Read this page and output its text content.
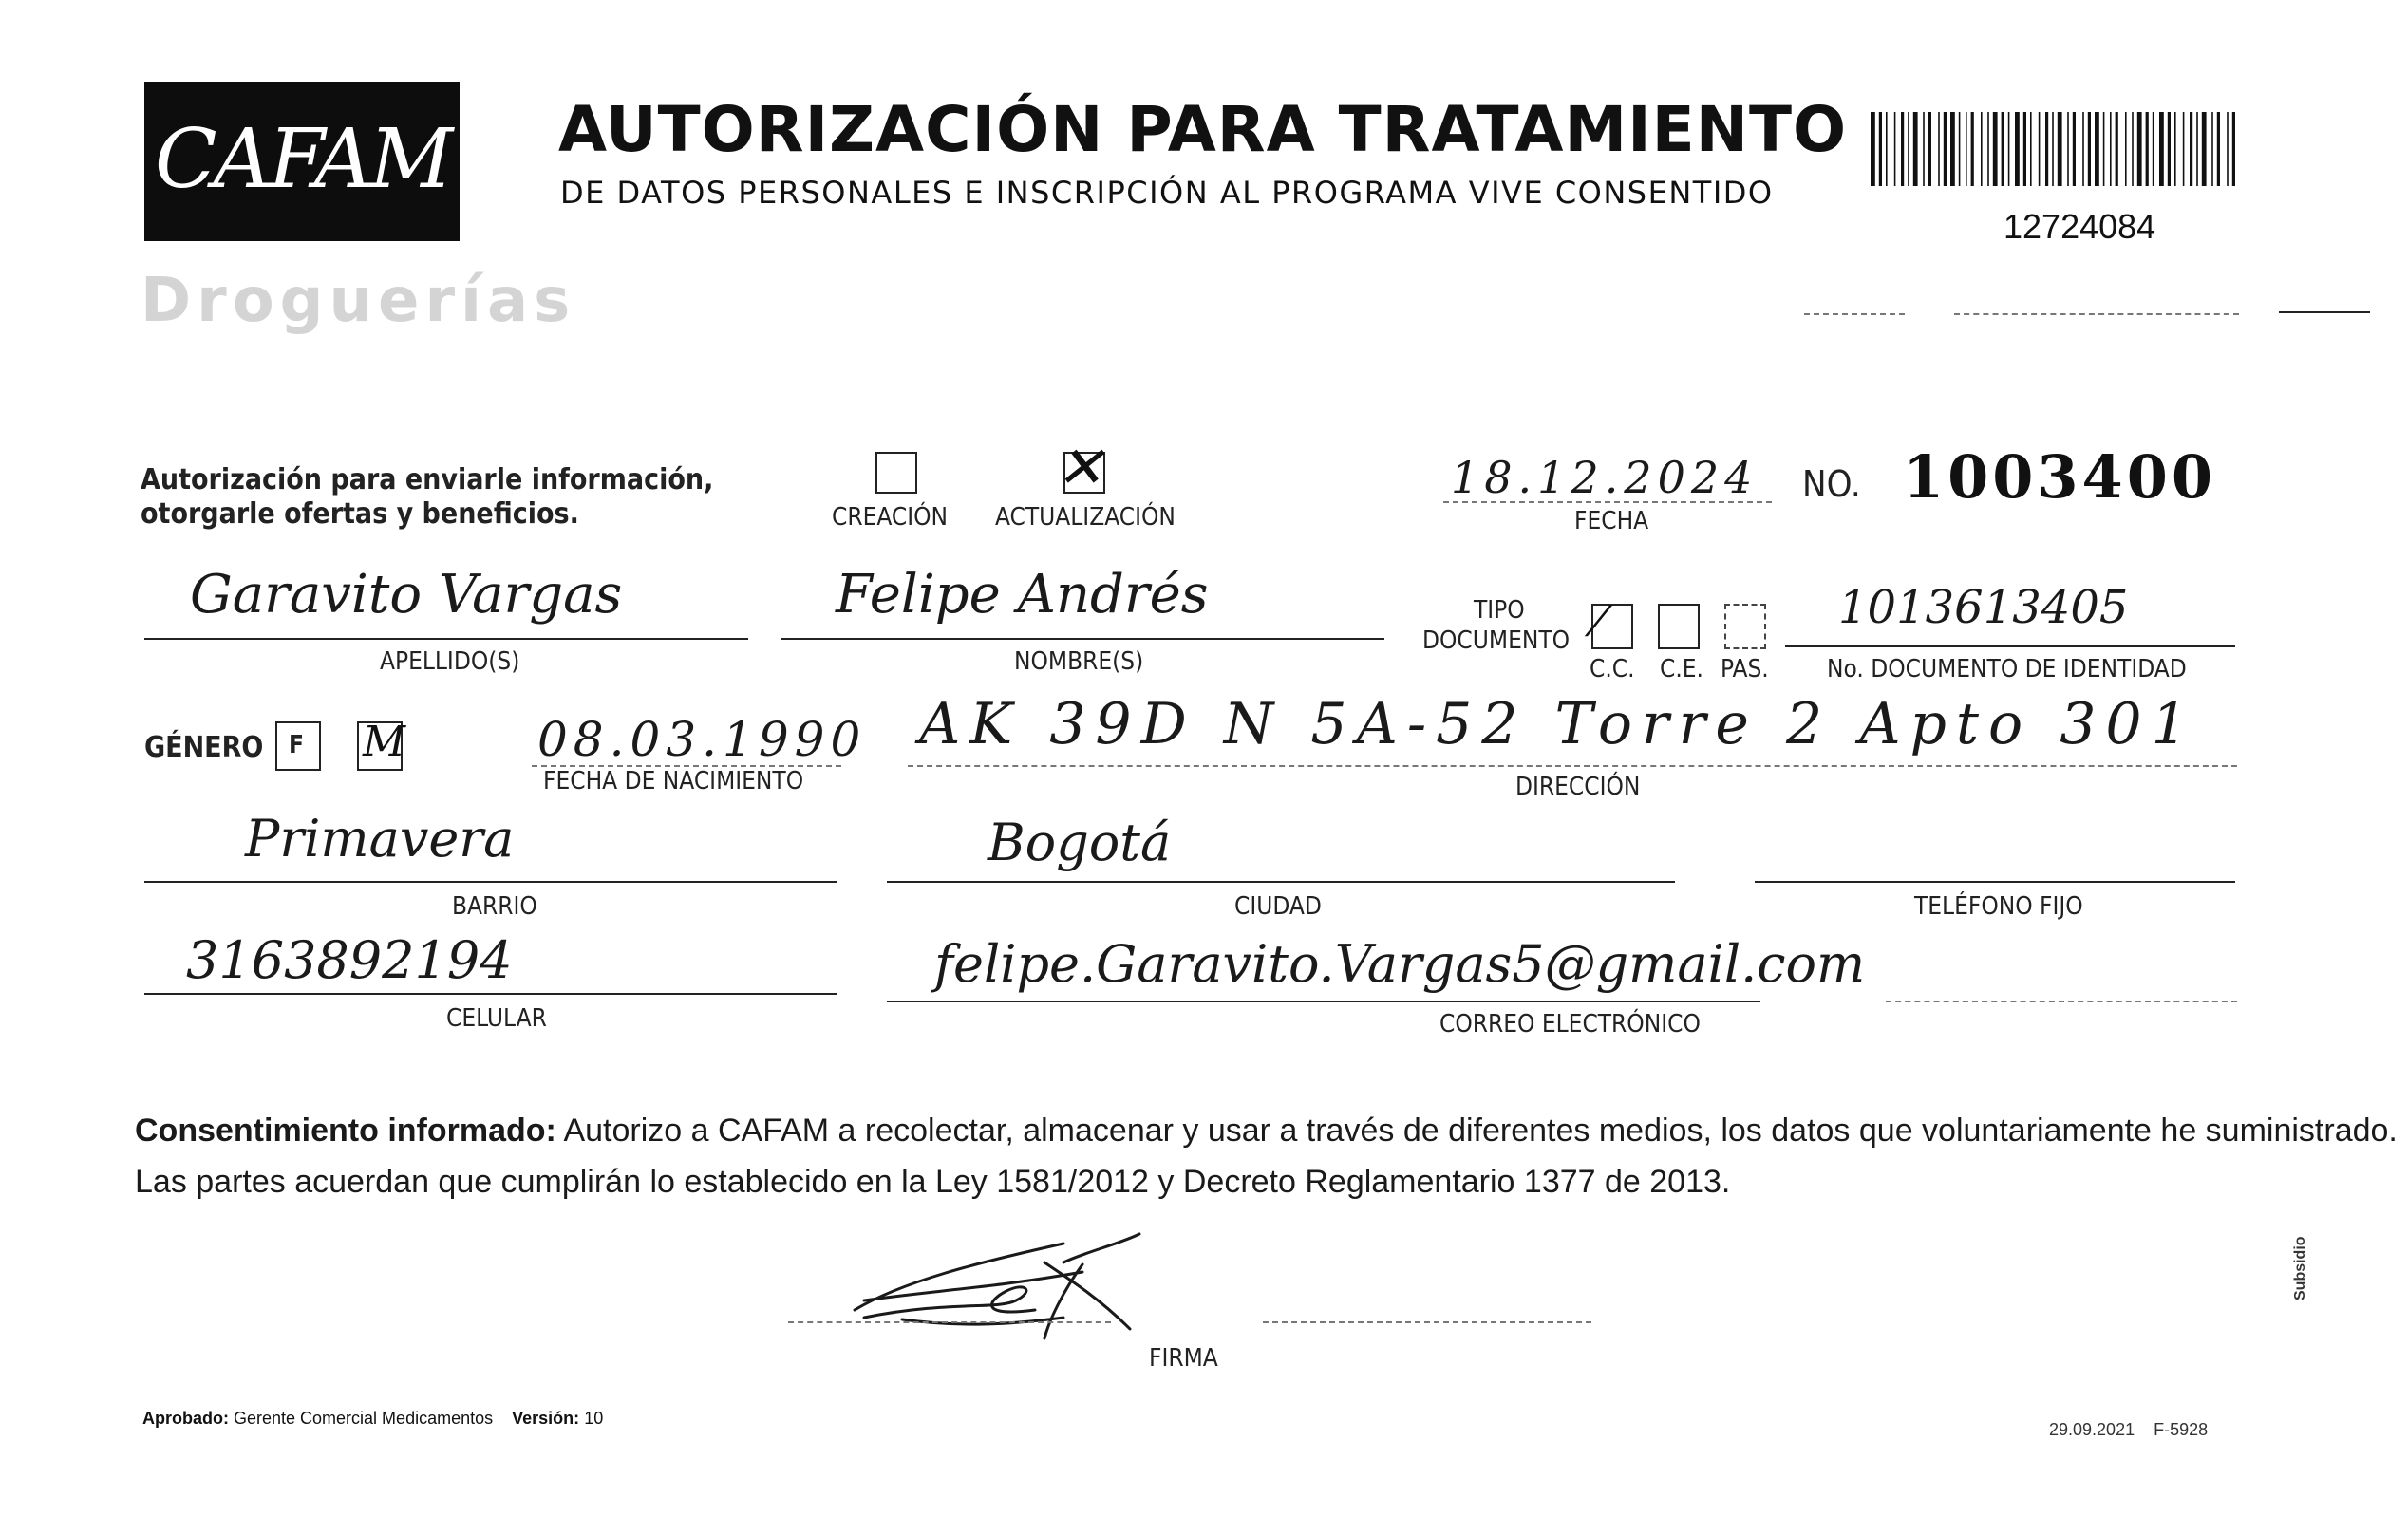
CAFAM
Droguerías
AUTORIZACIÓN PARA TRATAMIENTO
DE DATOS PERSONALES E INSCRIPCIÓN AL PROGRAMA VIVE CONSENTIDO
12724084
Autorización para enviarle información,
otorgarle ofertas y beneficios.	CREACIÓN
✕
ACTUALIZACIÓN
18.12.2024
FECHA
NO. 1003400
Garavito Vargas
APELLIDO(S)
Felipe Andrés
NOMBRE(S)
TIPO
DOCUMENTO ⁄
C.C. C.E. PAS.
1013613405
No. DOCUMENTO DE IDENTIDAD
GÉNERO F M	08.03.1990
FECHA DE NACIMIENTO
AK 39D N 5A-52 Torre 2 Apto 301
DIRECCIÓN
Primavera
BARRIO
Bogotá
CIUDAD	TELÉFONO FIJO
3163892194
CELULAR
felipe.Garavito.Vargas5@gmail.com
CORREO ELECTRÓNICO
Consentimiento informado: Autorizo a CAFAM a recolectar, almacenar y usar a través de diferentes medios, los datos que voluntariamente he suministrado.
Las partes acuerdan que cumplirán lo establecido en la Ley 1581/2012 y Decreto Reglamentario 1377 de 2013.
FIRMA
Aprobado: Gerente Comercial Medicamentos Versión: 10
29.09.2021 F-5928
Subsidio
